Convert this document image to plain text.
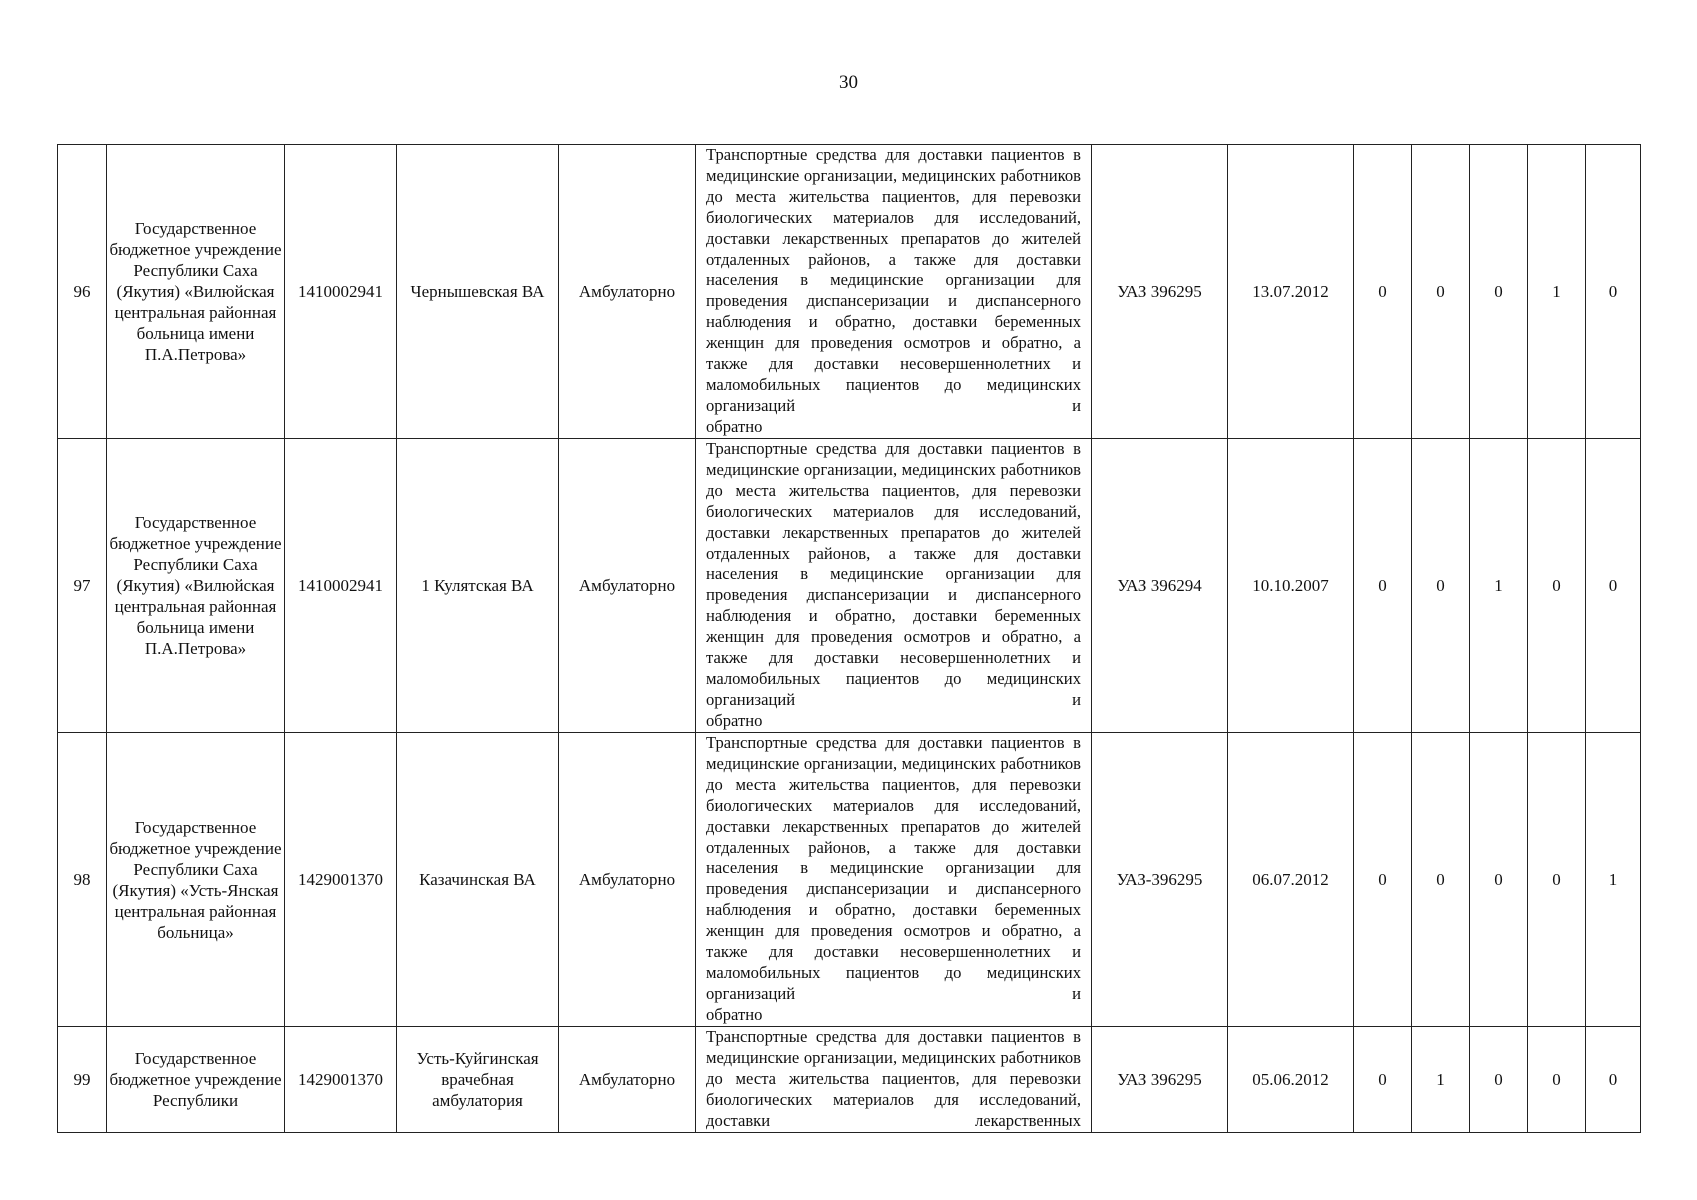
30
96	Государственное бюджетное учреждение Республики Саха (Якутия) «Вилюйская центральная районная больница имени П.А.Петрова»	1410002941	Чернышевская ВА	Амбулаторно	Транспортные средства для доставки пациентов в медицинские организации, медицинских работников до места жительства пациентов, для перевозки биологических материалов для исследований, доставки лекарственных препаратов до жителей отдаленных районов, а также для доставки населения в медицинские организации для проведения диспансеризации и диспансерного наблюдения и обратно, доставки беременных женщин для проведения осмотров и обратно, а также для доставки несовершеннолетних и маломобильных пациентов до медицинских организаций и
обратно	УАЗ 396295	13.07.2012	0	0	0	1	0
97	Государственное бюджетное учреждение Республики Саха (Якутия) «Вилюйская центральная районная больница имени П.А.Петрова»	1410002941	1 Кулятская ВА	Амбулаторно	Транспортные средства для доставки пациентов в медицинские организации, медицинских работников до места жительства пациентов, для перевозки биологических материалов для исследований, доставки лекарственных препаратов до жителей отдаленных районов, а также для доставки населения в медицинские организации для проведения диспансеризации и диспансерного наблюдения и обратно, доставки беременных женщин для проведения осмотров и обратно, а также для доставки несовершеннолетних и маломобильных пациентов до медицинских организаций и
обратно	УАЗ 396294	10.10.2007	0	0	1	0	0
98	Государственное бюджетное учреждение Республики Саха (Якутия) «Усть-Янская центральная районная больница»	1429001370	Казачинская ВА	Амбулаторно	Транспортные средства для доставки пациентов в медицинские организации, медицинских работников до места жительства пациентов, для перевозки биологических материалов для исследований, доставки лекарственных препаратов до жителей отдаленных районов, а также для доставки населения в медицинские организации для проведения диспансеризации и диспансерного наблюдения и обратно, доставки беременных женщин для проведения осмотров и обратно, а также для доставки несовершеннолетних и маломобильных пациентов до медицинских организаций и
обратно	УАЗ-396295	06.07.2012	0	0	0	0	1
99	Государственное бюджетное учреждение Республики	1429001370	Усть-Куйгинская врачебная амбулатория	Амбулаторно	Транспортные средства для доставки пациентов в медицинские организации, медицинских работников до места жительства пациентов, для перевозки биологических материалов для исследований, доставки лекарственных	УАЗ 396295	05.06.2012	0	1	0	0	0
